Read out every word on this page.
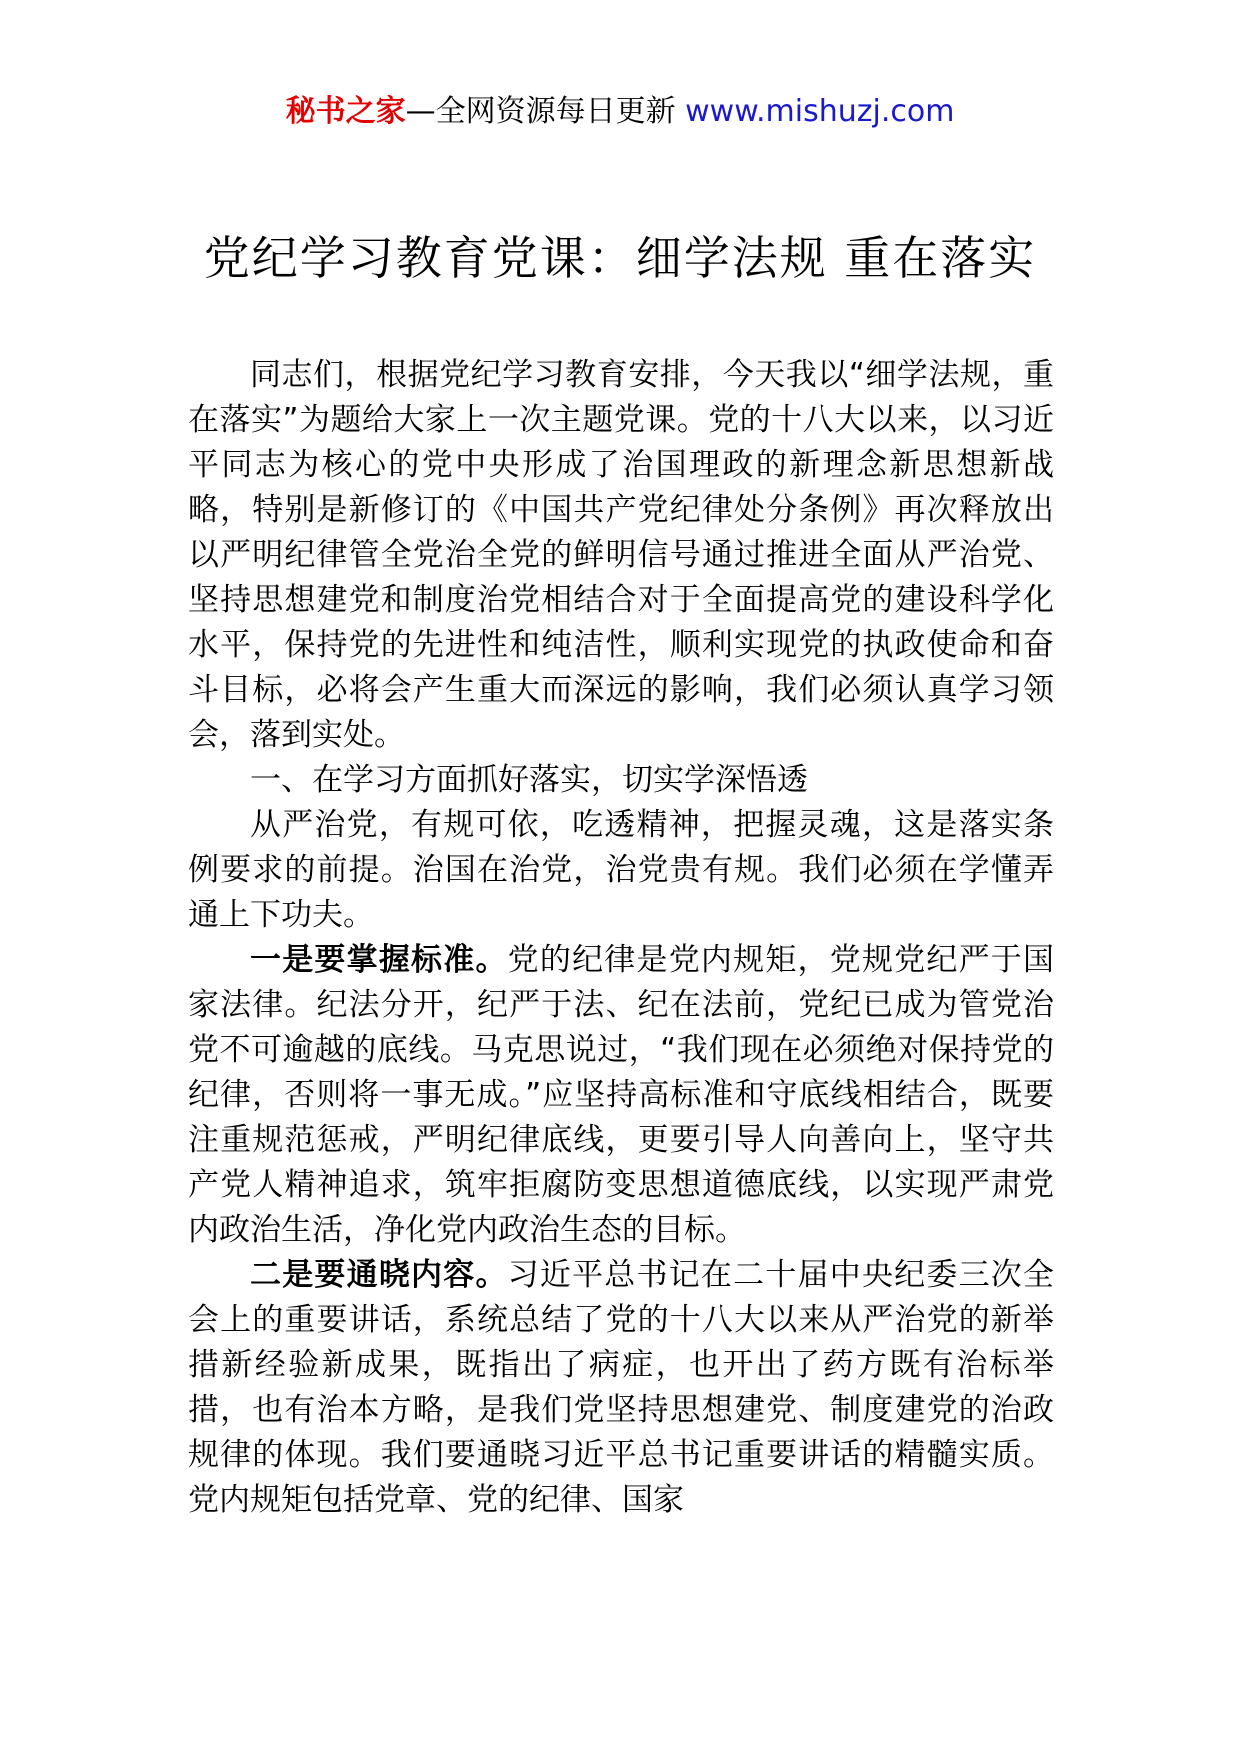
秘书之家—全网资源每日更新 www.mishuzj.com
党纪学习教育党课：细学法规 重在落实

同志们，根据党纪学习教育安排，今天我以“细学法规，重在落实”为题给大家上一次主题党课。党的十八大以来，以习近平同志为核心的党中央形成了治国理政的新理念新思想新战略，特别是新修订的《中国共产党纪律处分条例》再次释放出以严明纪律管全党治全党的鲜明信号通过推进全面从严治党、坚持思想建党和制度治党相结合对于全面提高党的建设科学化水平，保持党的先进性和纯洁性，顺利实现党的执政使命和奋斗目标，必将会产生重大而深远的影响，我们必须认真学习领会，落到实处。

一、在学习方面抓好落实，切实学深悟透

从严治党，有规可依，吃透精神，把握灵魂，这是落实条例要求的前提。治国在治党，治党贵有规。我们必须在学懂弄通上下功夫。

一是要掌握标准。党的纪律是党内规矩，党规党纪严于国家法律。纪法分开，纪严于法、纪在法前，党纪已成为管党治党不可逾越的底线。马克思说过，“我们现在必须绝对保持党的纪律，否则将一事无成。”应坚持高标准和守底线相结合，既要注重规范惩戒，严明纪律底线，更要引导人向善向上，坚守共产党人精神追求，筑牢拒腐防变思想道德底线，以实现严肃党内政治生活，净化党内政治生态的目标。

二是要通晓内容。习近平总书记在二十届中央纪委三次全会上的重要讲话，系统总结了党的十八大以来从严治党的新举措新经验新成果，既指出了病症，也开出了药方既有治标举措，也有治本方略，是我们党坚持思想建党、制度建党的治政规律的体现。我们要通晓习近平总书记重要讲话的精髓实质。党内规矩包括党章、党的纪律、国家
